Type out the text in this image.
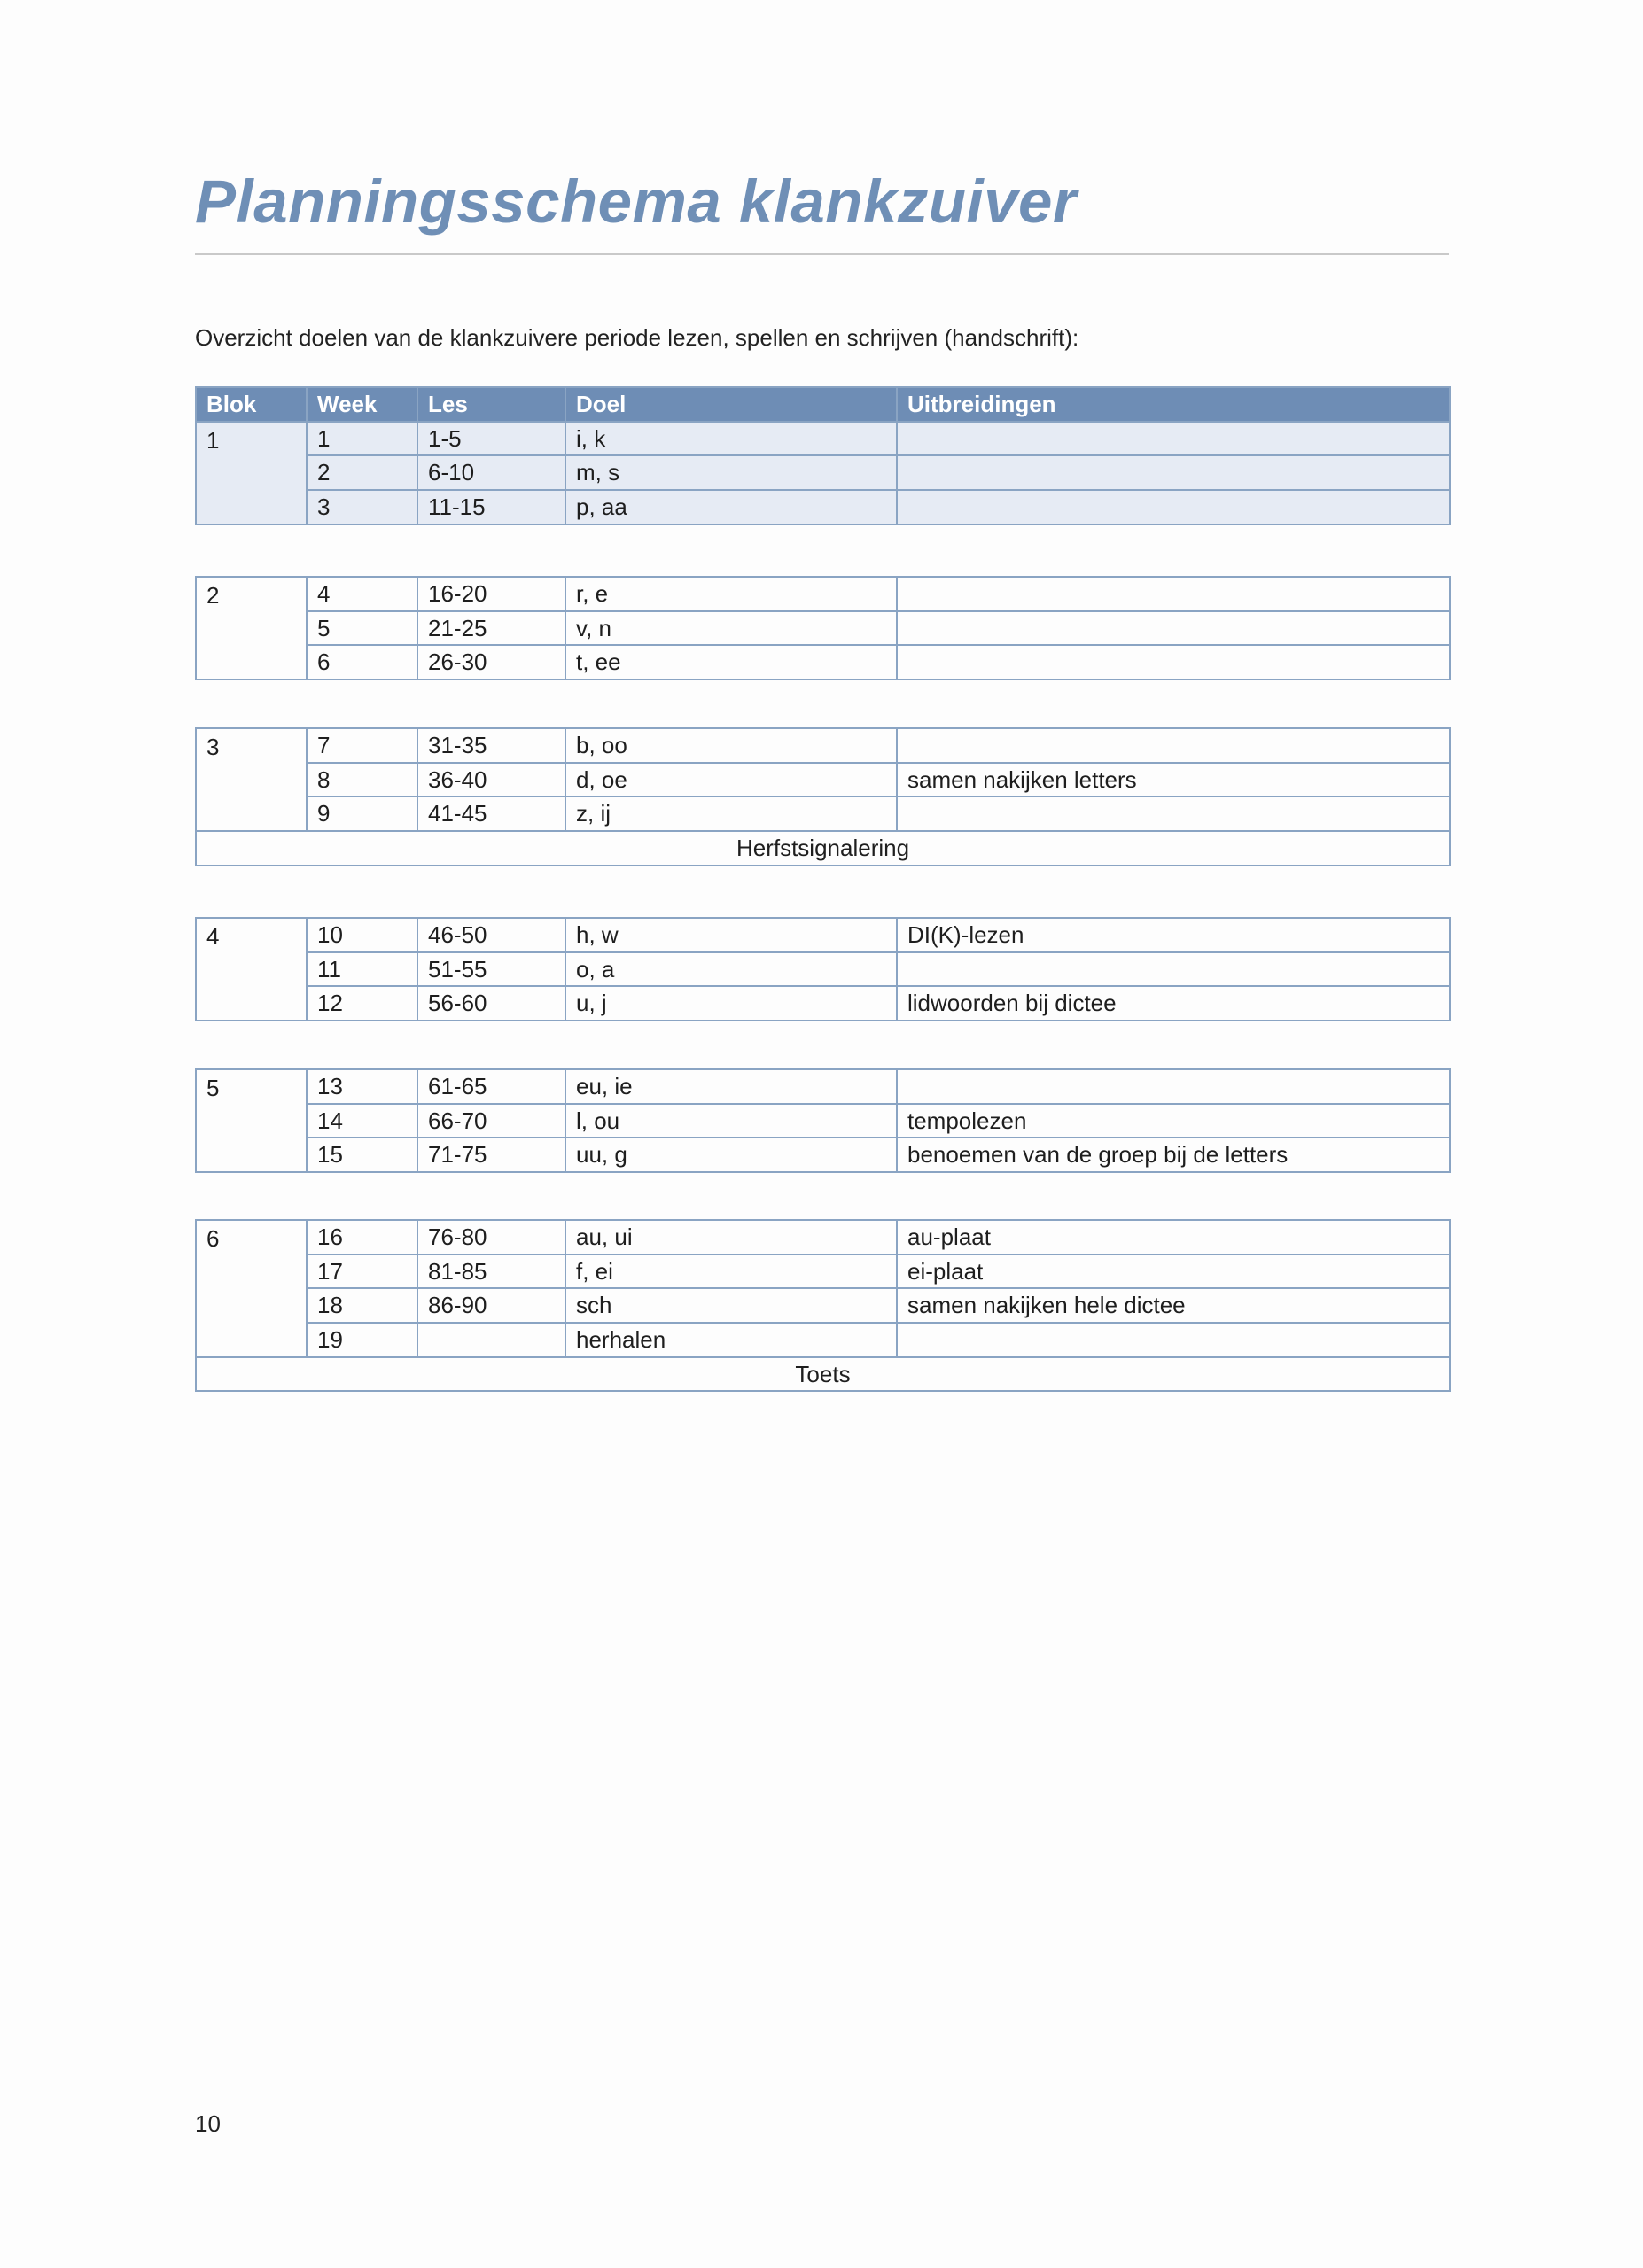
Planningsschema klankzuiver

Overzicht doelen van de klankzuivere periode lezen, spellen en schrijven (handschrift):

Blok	Week	Les	Doel	Uitbreidingen
1	1	1-5	i, k	
	2	6-10	m, s	
	3	11-15	p, aa	
2	4	16-20	r, e	
	5	21-25	v, n	
	6	26-30	t, ee	
3	7	31-35	b, oo	
	8	36-40	d, oe	samen nakijken letters
	9	41-45	z, ij	
Herfstsignalering				
4	10	46-50	h, w	DI(K)-lezen
	11	51-55	o, a	
	12	56-60	u, j	lidwoorden bij dictee
5	13	61-65	eu, ie	
	14	66-70	l, ou	tempolezen
	15	71-75	uu, g	benoemen van de groep bij de letters
6	16	76-80	au, ui	au-plaat
	17	81-85	f, ei	ei-plaat
	18	86-90	sch	samen nakijken hele dictee
	19		herhalen	
Toets				
10
